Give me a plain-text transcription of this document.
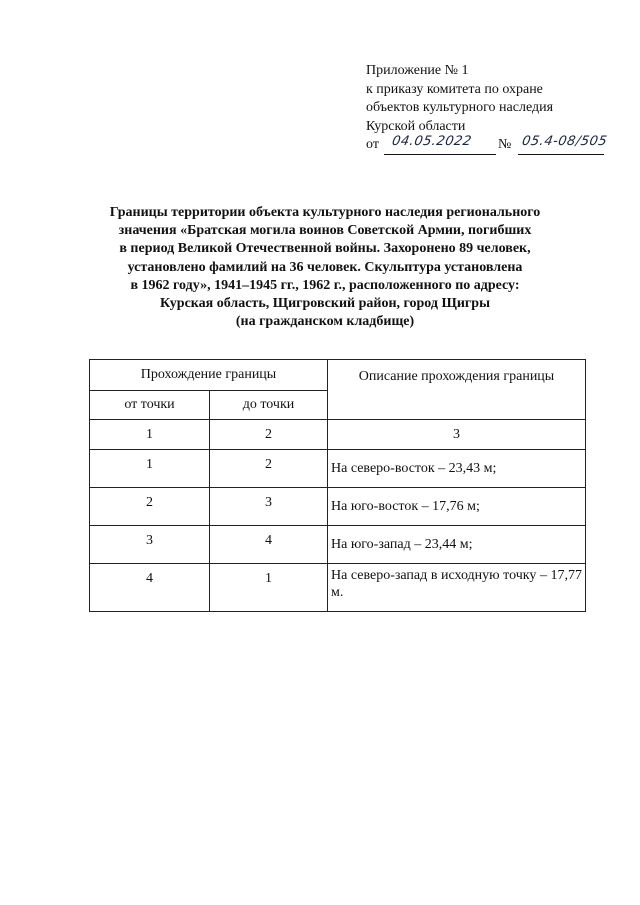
Приложение № 1
к приказу комитета по охране
объектов культурного наследия
Курской области
от 04.05.2022 № 05.4-08/505
Границы территории объекта культурного наследия регионального
значения «Братская могила воинов Советской Армии, погибших
в период Великой Отечественной войны. Захоронено 89 человек,
установлено фамилий на 36 человек. Скульптура установлена
в 1962 году», 1941–1945 гг., 1962 г., расположенного по адресу:
Курская область, Щигровский район, город Щигры
(на гражданском кладбище)
Прохождение границы		Описание прохождения границы
от точки	до точки	
1	2	3
1	2	На северо-восток – 23,43 м;
2	3	На юго-восток – 17,76 м;
3	4	На юго-запад – 23,44 м;
4	1	На северо-запад в исходную точку – 17,77 м.
